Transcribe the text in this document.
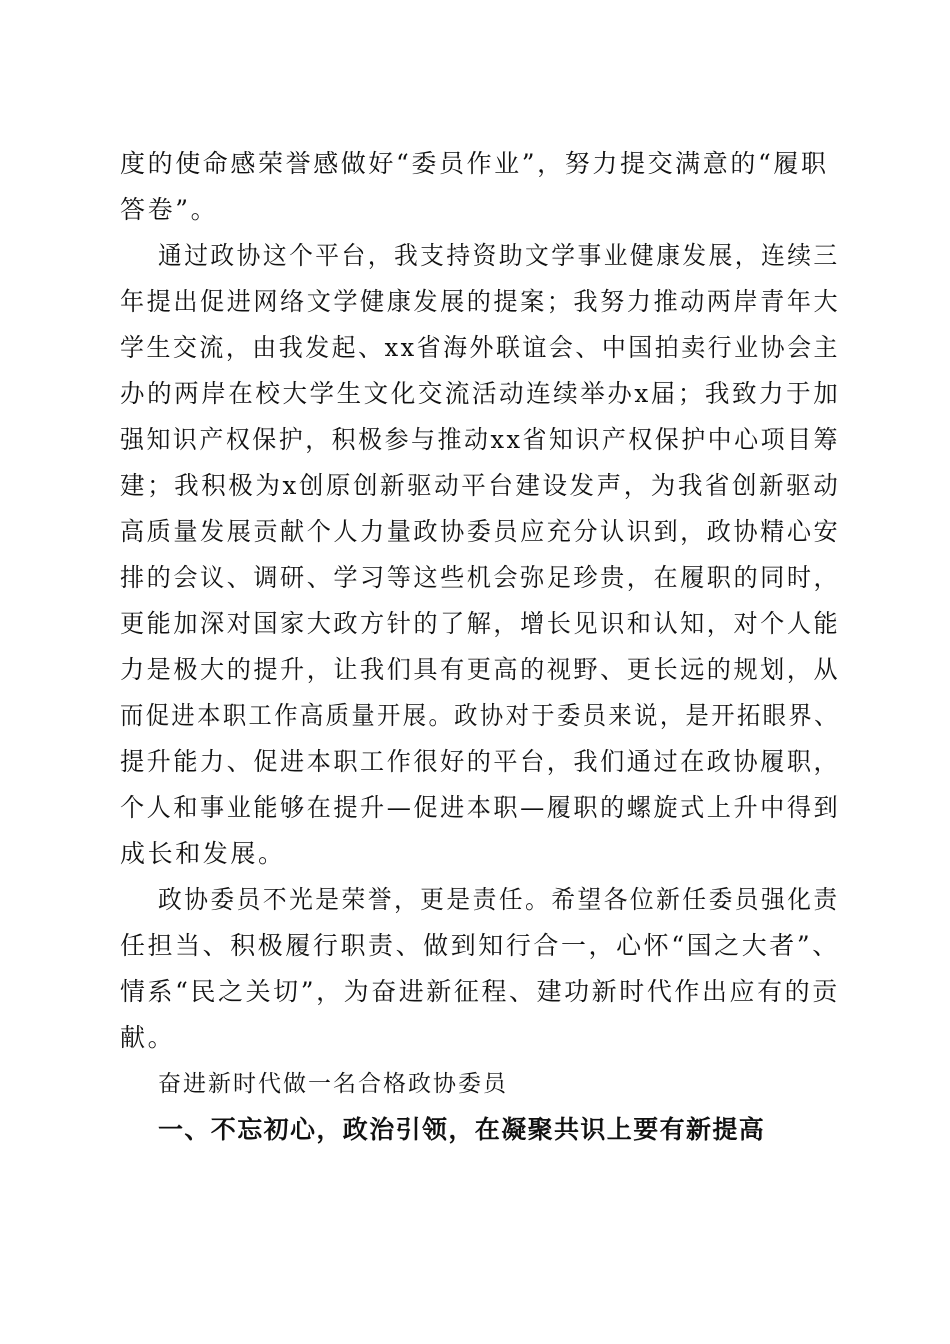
度的使命感荣誉感做好“委员作业”，努力提交满意的“履职
答卷”。
通过政协这个平台，我支持资助文学事业健康发展，连续三
年提出促进网络文学健康发展的提案；我努力推动两岸青年大
学生交流，由我发起、xx省海外联谊会、中国拍卖行业协会主
办的两岸在校大学生文化交流活动连续举办x届；我致力于加
强知识产权保护，积极参与推动xx省知识产权保护中心项目筹
建；我积极为x创原创新驱动平台建设发声，为我省创新驱动
高质量发展贡献个人力量政协委员应充分认识到，政协精心安
排的会议、调研、学习等这些机会弥足珍贵，在履职的同时，
更能加深对国家大政方针的了解，增长见识和认知，对个人能
力是极大的提升，让我们具有更高的视野、更长远的规划，从
而促进本职工作高质量开展。政协对于委员来说，是开拓眼界、
提升能力、促进本职工作很好的平台，我们通过在政协履职，
个人和事业能够在提升—促进本职—履职的螺旋式上升中得到
成长和发展。
政协委员不光是荣誉，更是责任。希望各位新任委员强化责
任担当、积极履行职责、做到知行合一，心怀“国之大者”、
情系“民之关切”，为奋进新征程、建功新时代作出应有的贡
献。
奋进新时代做一名合格政协委员
一、不忘初心，政治引领，在凝聚共识上要有新提高
